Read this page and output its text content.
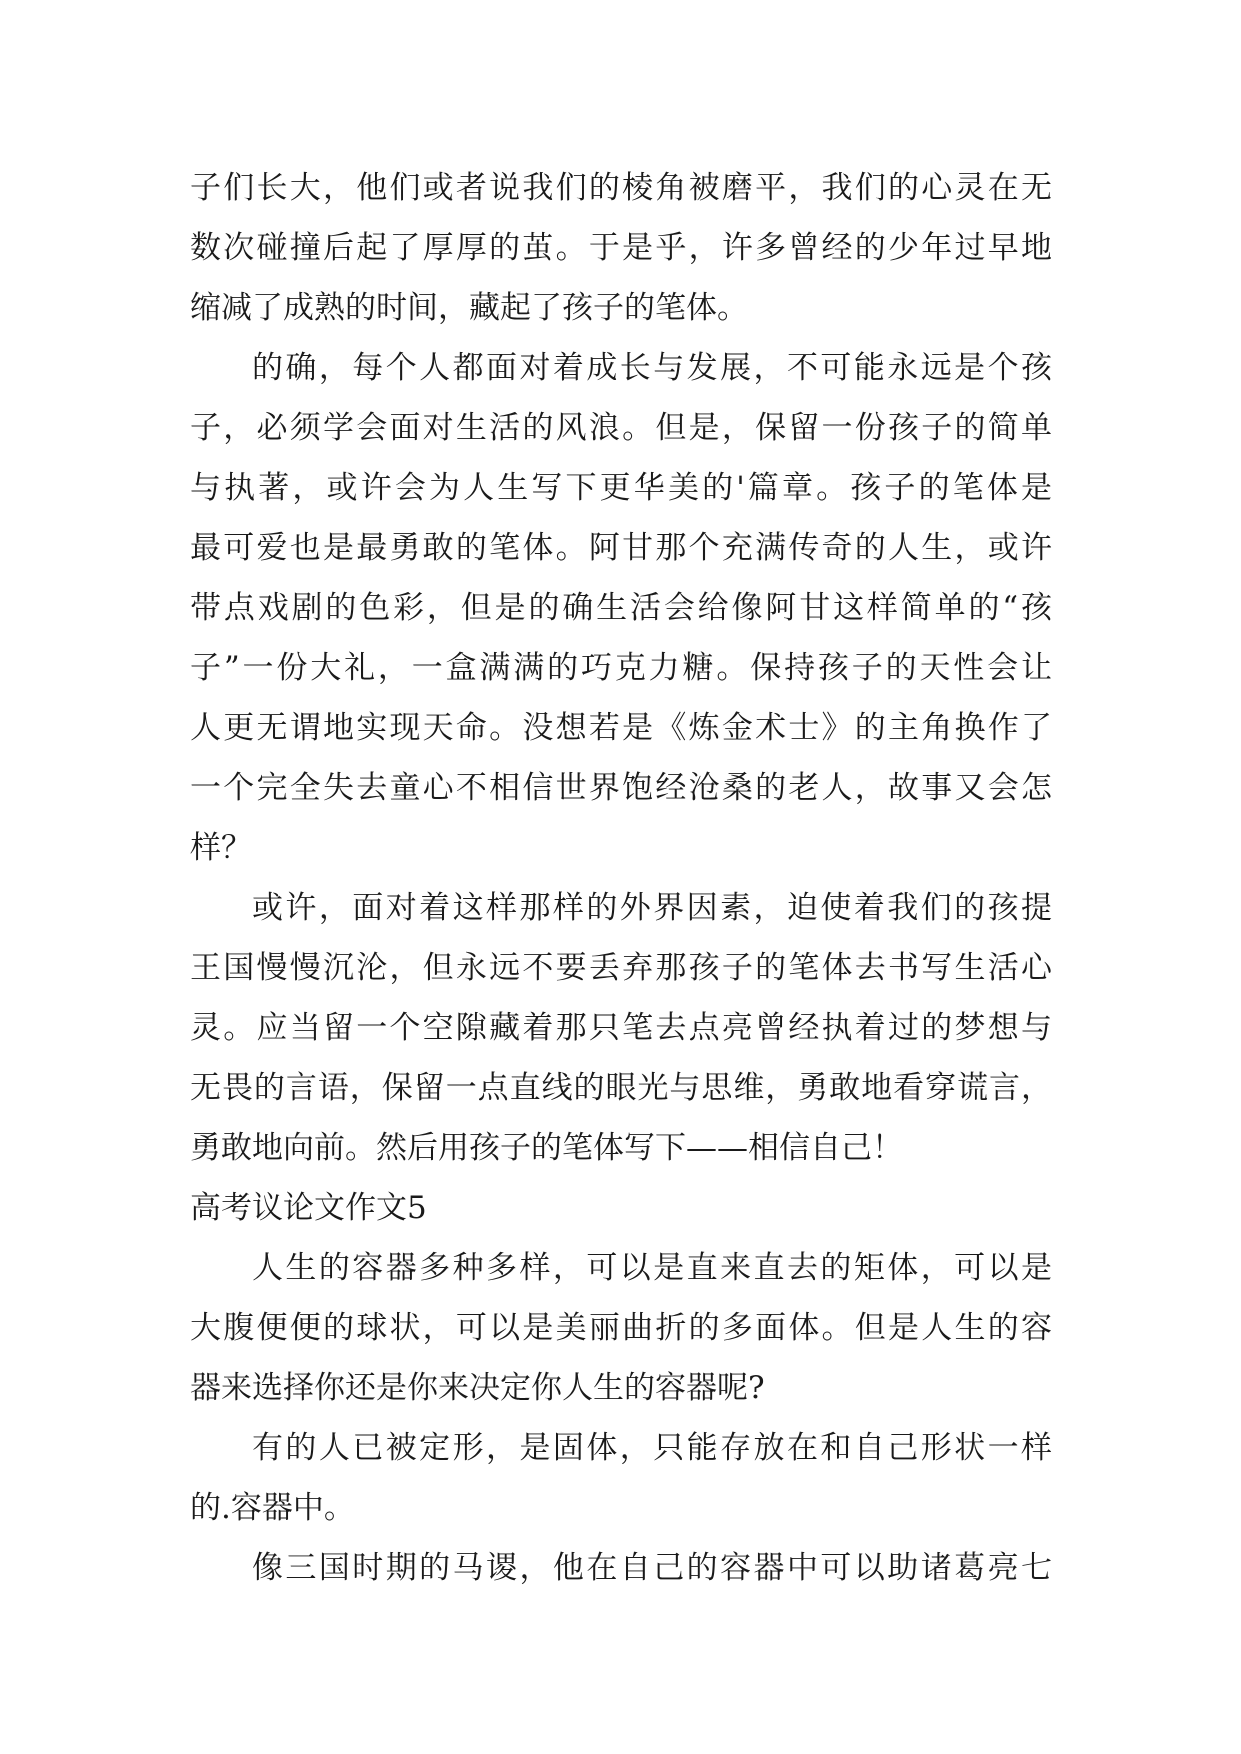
子们长大，他们或者说我们的棱角被磨平，我们的心灵在无
数次碰撞后起了厚厚的茧。于是乎，许多曾经的少年过早地
缩减了成熟的时间，藏起了孩子的笔体。
的确，每个人都面对着成长与发展，不可能永远是个孩
子，必须学会面对生活的风浪。但是，保留一份孩子的简单
与执著，或许会为人生写下更华美的'篇章。孩子的笔体是
最可爱也是最勇敢的笔体。阿甘那个充满传奇的人生，或许
带点戏剧的色彩，但是的确生活会给像阿甘这样简单的“孩
子”一份大礼，一盒满满的巧克力糖。保持孩子的天性会让
人更无谓地实现天命。没想若是《炼金术士》的主角换作了
一个完全失去童心不相信世界饱经沧桑的老人，故事又会怎
样？
或许，面对着这样那样的外界因素，迫使着我们的孩提
王国慢慢沉沦，但永远不要丢弃那孩子的笔体去书写生活心
灵。应当留一个空隙藏着那只笔去点亮曾经执着过的梦想与
无畏的言语，保留一点直线的眼光与思维，勇敢地看穿谎言，
勇敢地向前。然后用孩子的笔体写下——相信自己！
高考议论文作文5
人生的容器多种多样，可以是直来直去的矩体，可以是
大腹便便的球状，可以是美丽曲折的多面体。但是人生的容
器来选择你还是你来决定你人生的容器呢?
有的人已被定形，是固体，只能存放在和自己形状一样
的.容器中。
像三国时期的马谡，他在自己的容器中可以助诸葛亮七
